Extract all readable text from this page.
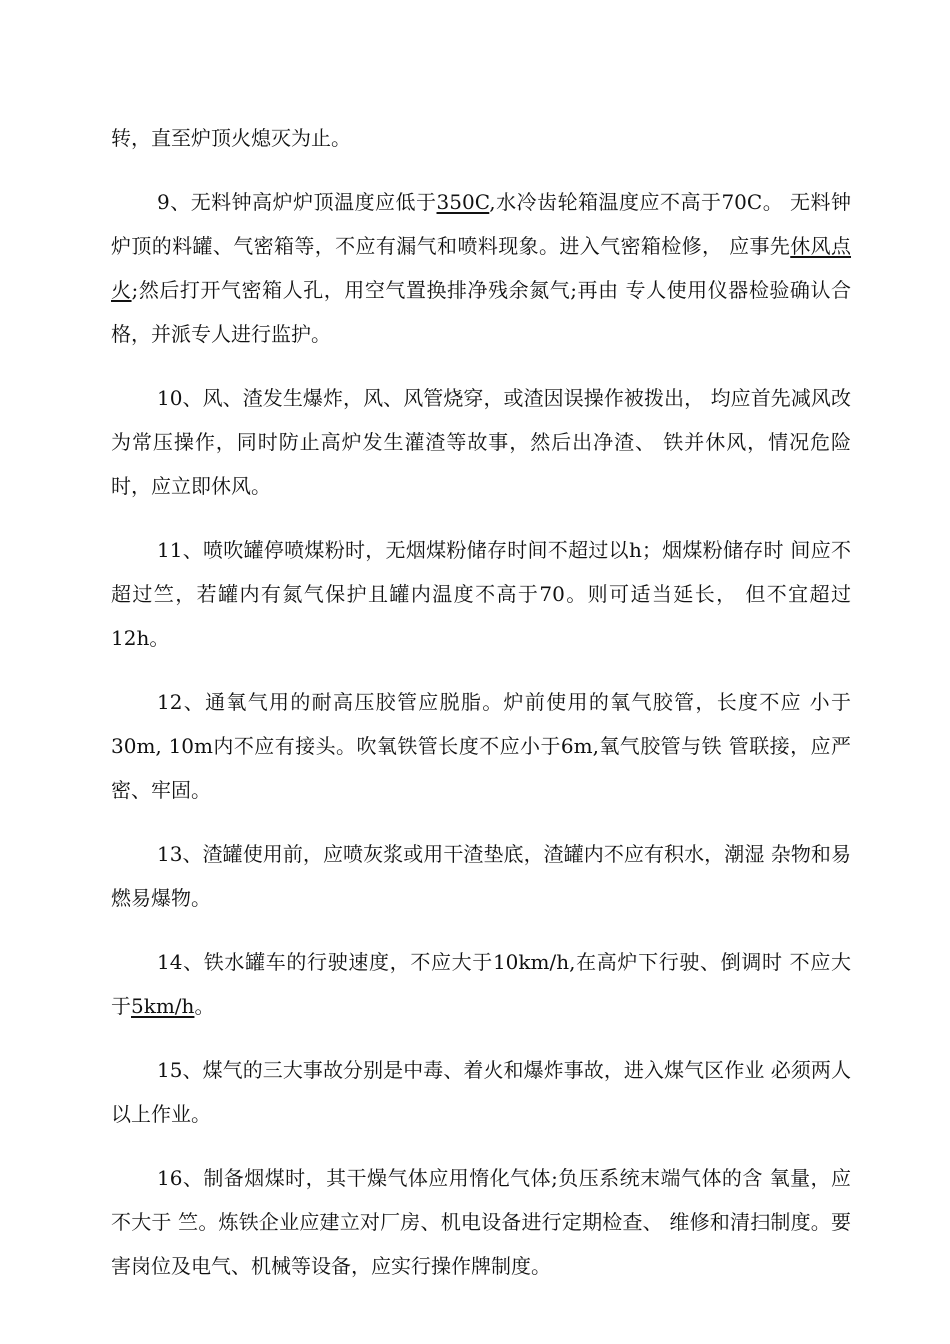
转，直至炉顶火熄灭为止。

9、无料钟高炉炉顶温度应低于350C,水冷齿轮箱温度应不高于70C。 无料钟炉顶的料罐、气密箱等，不应有漏气和喷料现象。进入气密箱检修， 应事先休风点火;然后打开气密箱人孔，用空气置换排净残余氮气;再由 专人使用仪器检验确认合格，并派专人进行监护。

10、风、渣发生爆炸，风、风管烧穿，或渣因误操作被拨出， 均应首先减风改为常压操作，同时防止高炉发生灌渣等故事，然后出净渣、 铁并休风，情况危险时，应立即休风。

11、喷吹罐停喷煤粉时，无烟煤粉储存时间不超过以h；烟煤粉储存时 间应不超过竺，若罐内有氮气保护且罐内温度不高于70。则可适当延长， 但不宜超过12h。

12、通氧气用的耐高压胶管应脱脂。炉前使用的氧气胶管，长度不应 小于30m, 10m内不应有接头。吹氧铁管长度不应小于6m,氧气胶管与铁 管联接，应严密、牢固。

13、渣罐使用前，应喷灰浆或用干渣垫底，渣罐内不应有积水，潮湿 杂物和易燃易爆物。

14、铁水罐车的行驶速度，不应大于10km/h,在高炉下行驶、倒调时 不应大于5km/h。

15、煤气的三大事故分别是中毒、着火和爆炸事故，进入煤气区作业 必须两人以上作业。

16、制备烟煤时，其干燥气体应用惰化气体;负压系统末端气体的含 氧量，应不大于 竺。炼铁企业应建立对厂房、机电设备进行定期检查、 维修和清扫制度。要害岗位及电气、机械等设备，应实行操作牌制度。
